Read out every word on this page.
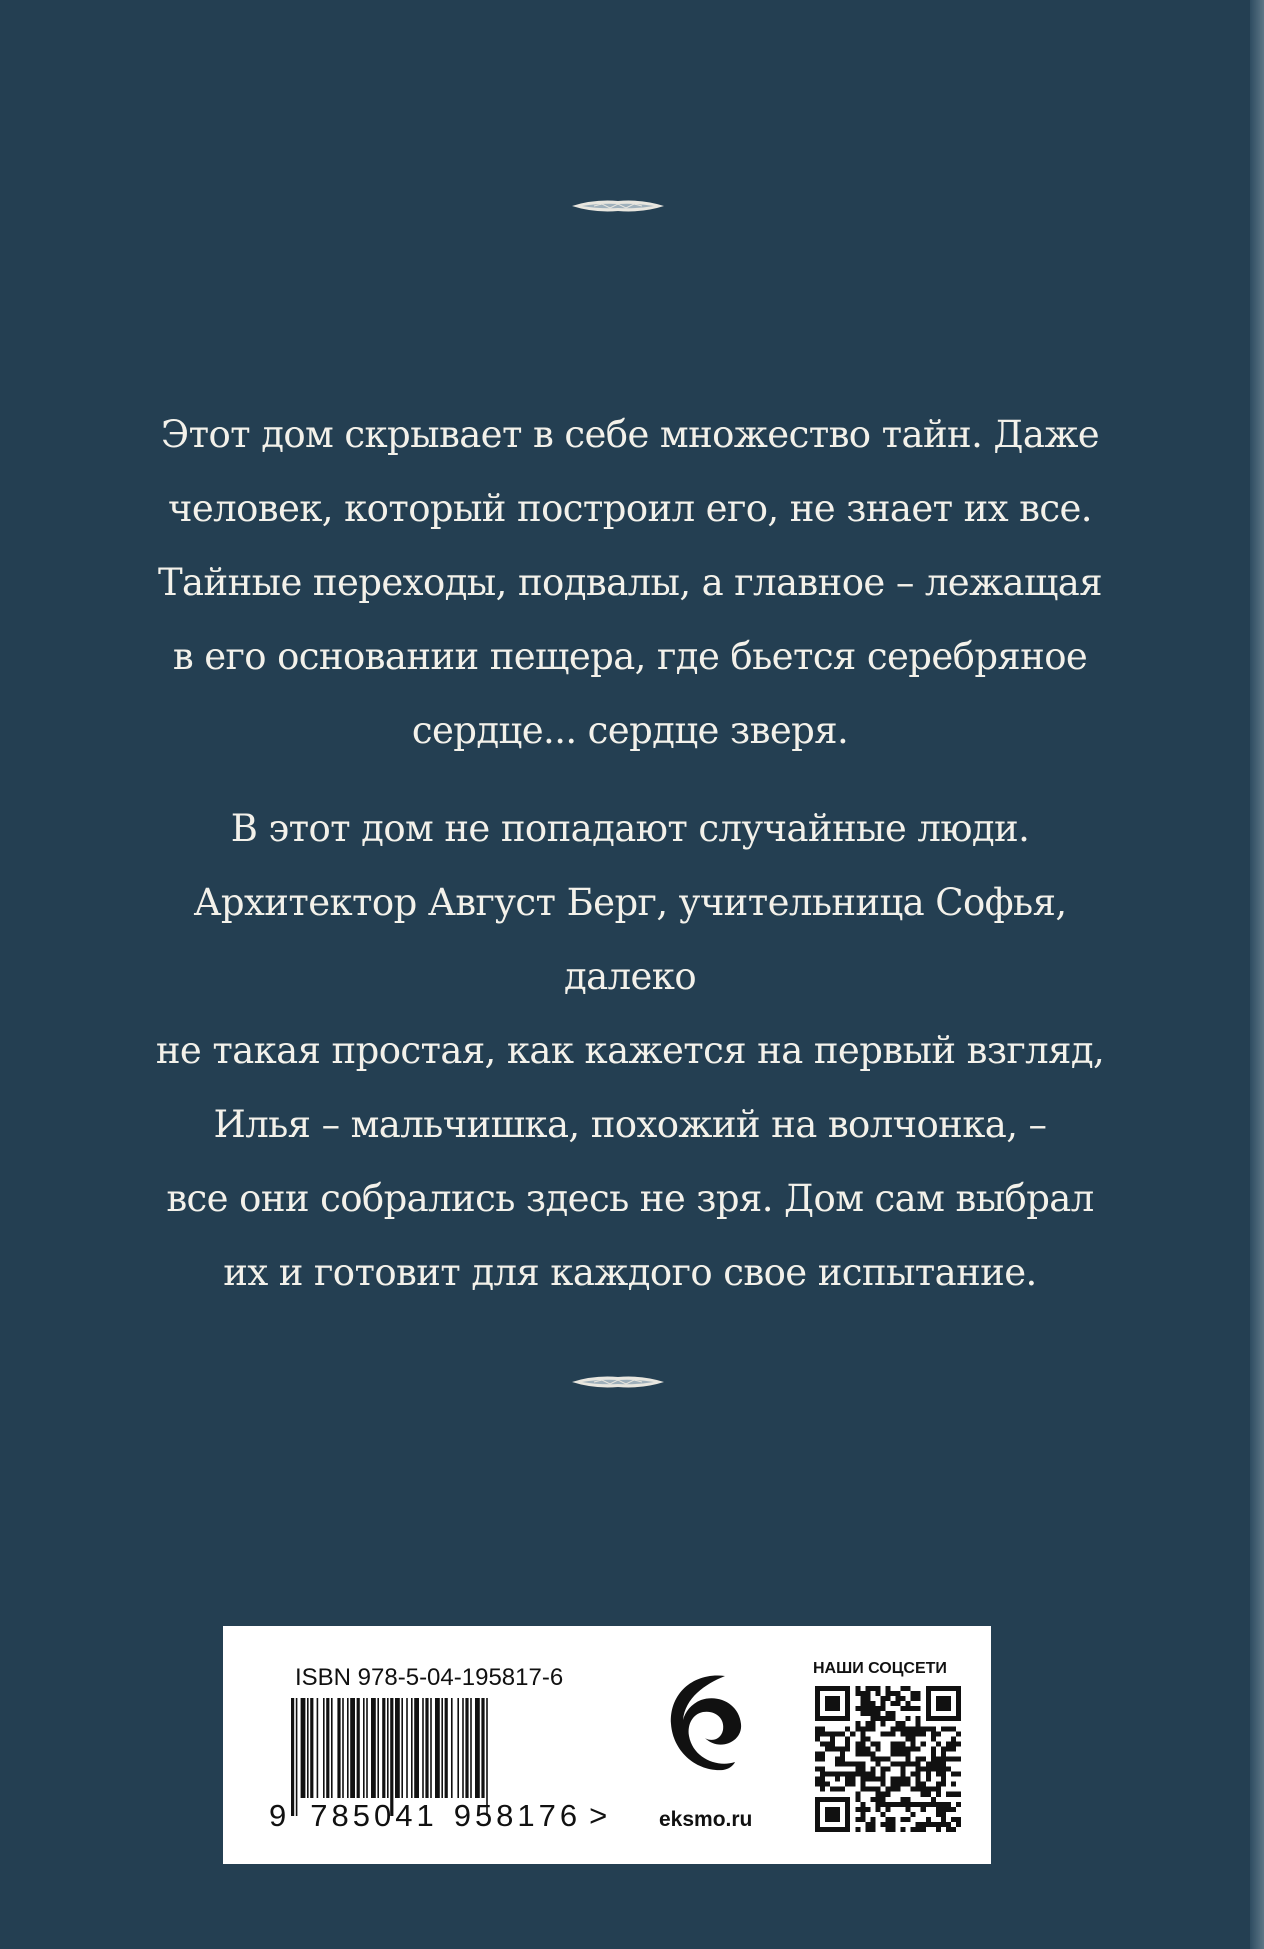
Этот дом скрывает в себе множество тайн. Даже
человек, который построил его, не знает их все.
Тайные переходы, подвалы, а главное – лежащая
в его основании пещера, где бьется серебряное
сердце... сердце зверя.

В этот дом не попадают случайные люди.
Архитектор Август Берг, учительница Софья, далеко
не такая простая, как кажется на первый взгляд,
Илья – мальчишка, похожий на волчонка, –
все они собрались здесь не зря. Дом сам выбрал
их и готовит для каждого свое испытание.

ISBN 978-5-04-195817-6
9 785041 958176 > eksmo.ru
НАШИ СОЦСЕТИ
